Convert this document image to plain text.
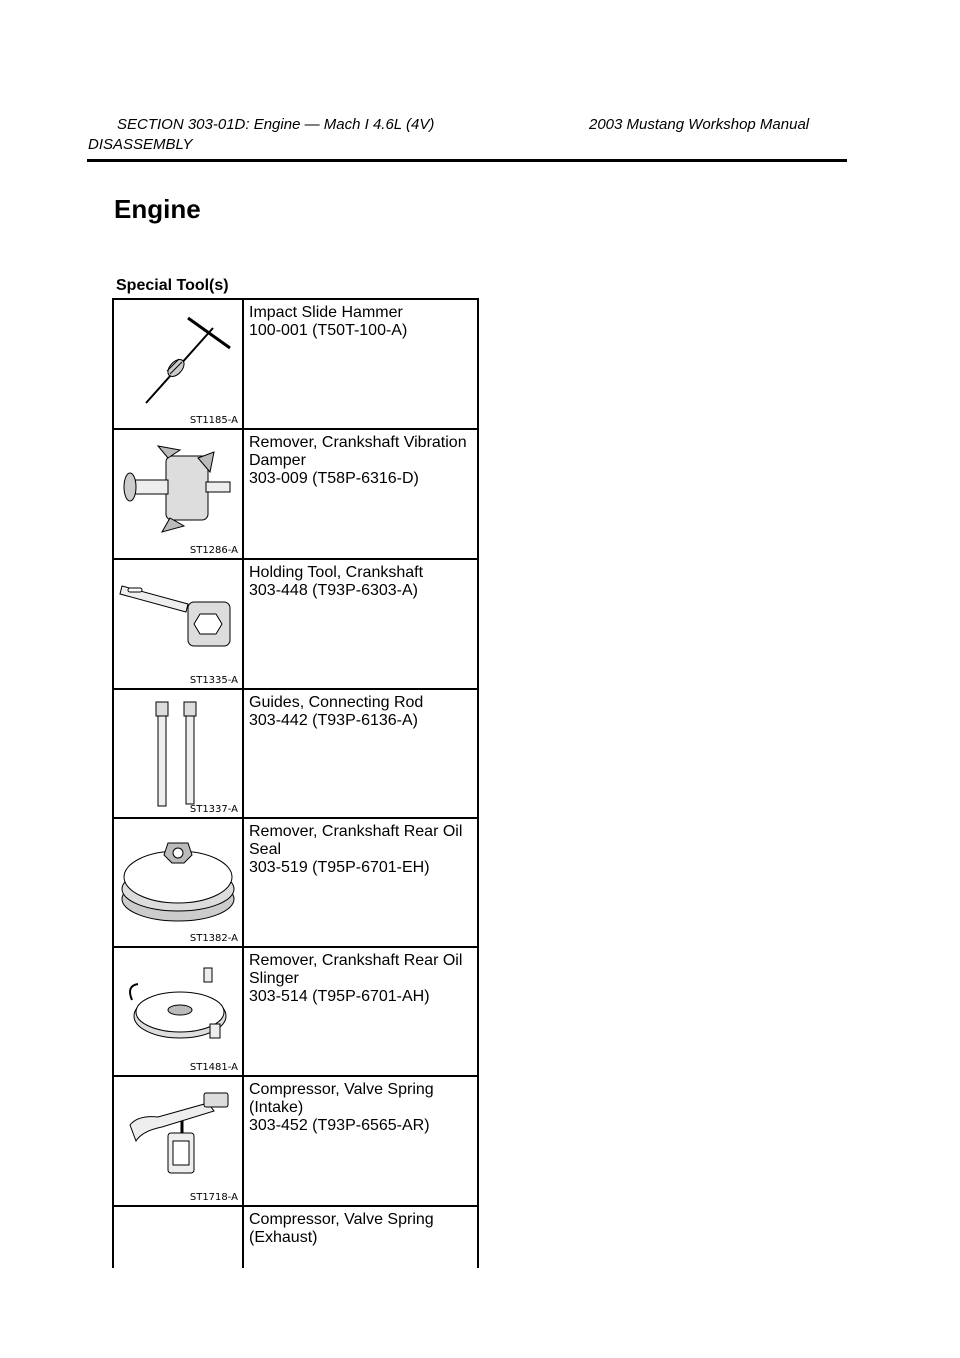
SECTION 303-01D: Engine — Mach I 4.6L (4V)	2003 Mustang Workshop Manual
DISASSEMBLY
Engine
Special Tool(s)
ST1185-A
Impact Slide Hammer
100-001 (T50T-100-A)
ST1286-A
Remover, Crankshaft Vibration
Damper
303-009 (T58P-6316-D)
ST1335-A
Holding Tool, Crankshaft
303-448 (T93P-6303-A)
ST1337-A
Guides, Connecting Rod
303-442 (T93P-6136-A)
ST1382-A
Remover, Crankshaft Rear Oil
Seal
303-519 (T95P-6701-EH)
ST1481-A
Remover, Crankshaft Rear Oil
Slinger
303-514 (T95P-6701-AH)
ST1718-A
Compressor, Valve Spring
(Intake)
303-452 (T93P-6565-AR)
Compressor, Valve Spring
(Exhaust)
